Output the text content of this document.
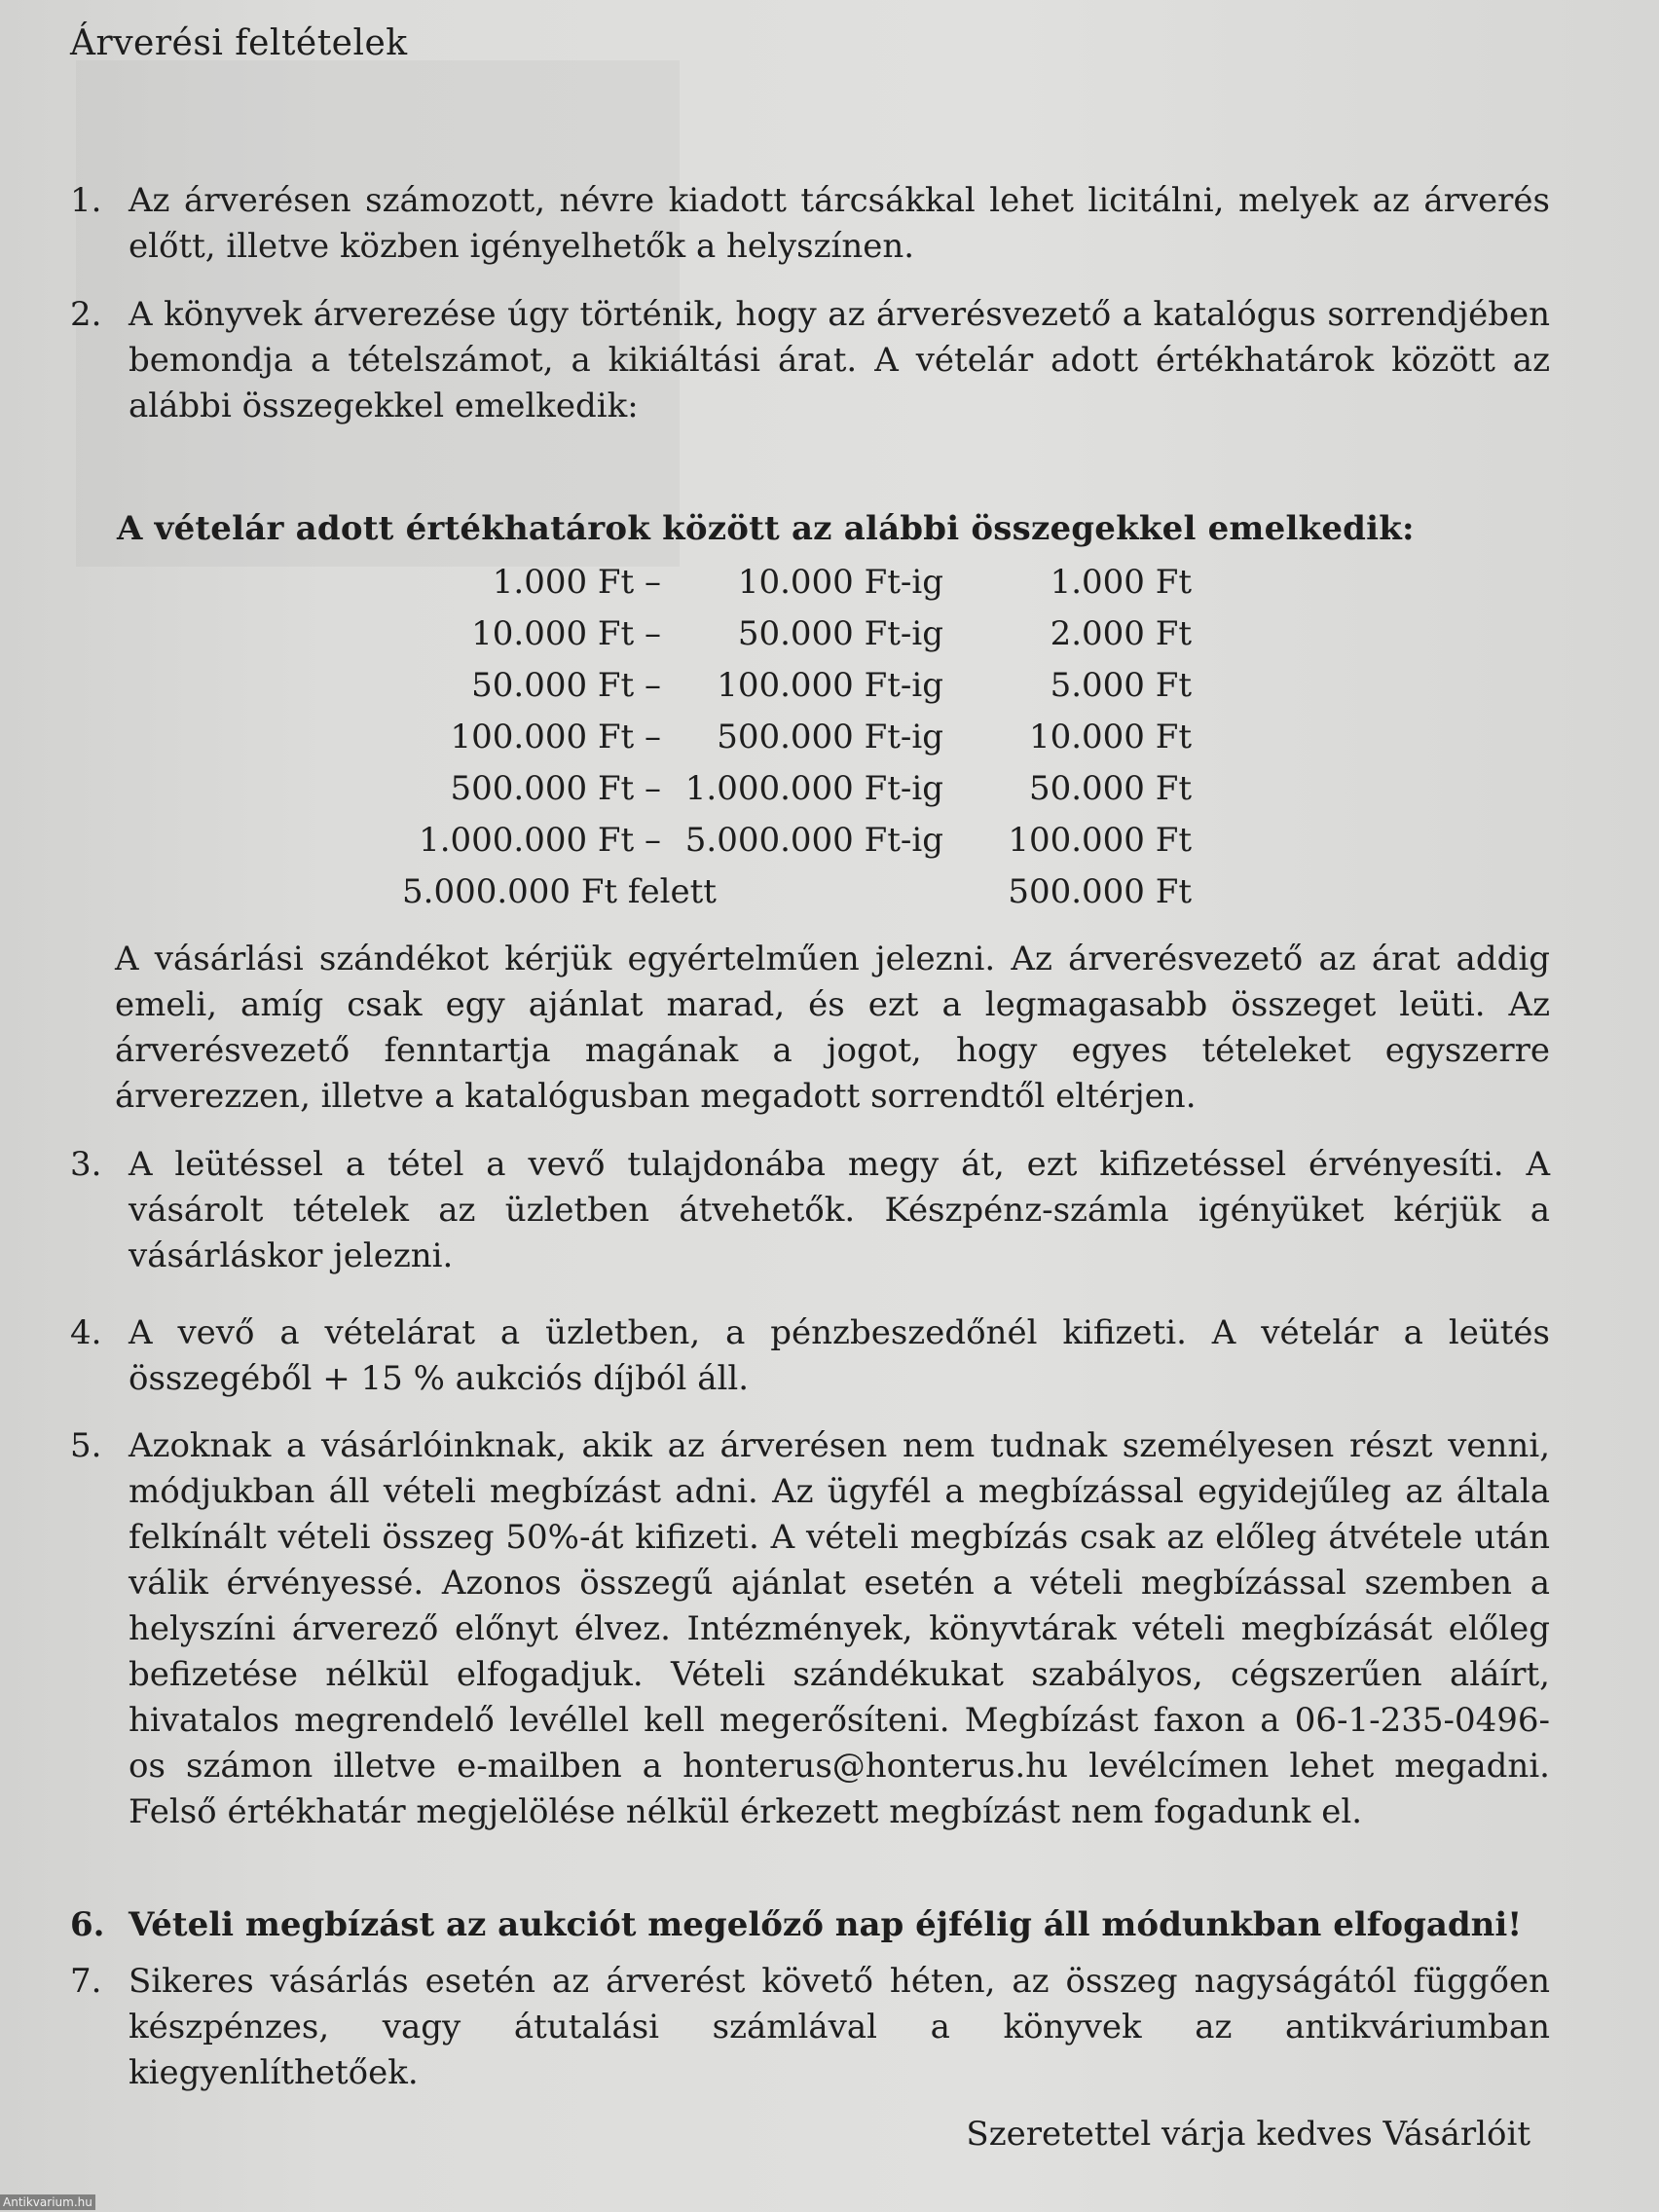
Árverési feltételek
1. Az árverésen számozott, névre kiadott tárcsákkal lehet licitálni, melyek az árverés előtt, illetve közben igényelhetők a helyszínen.
2. A könyvek árverezése úgy történik, hogy az árverésvezető a katalógus sorrendjében bemondja a tételszámot, a kikiáltási árat. A vételár adott értékhatárok között az alábbi összegekkel emelkedik:
A vételár adott értékhatárok között az alábbi összegekkel emelkedik:
1.000 Ft – 10.000 Ft-ig	1.000 Ft
10.000 Ft – 50.000 Ft-ig	2.000 Ft
50.000 Ft – 100.000 Ft-ig	5.000 Ft
100.000 Ft – 500.000 Ft-ig	10.000 Ft
500.000 Ft – 1.000.000 Ft-ig	50.000 Ft
1.000.000 Ft – 5.000.000 Ft-ig 100.000 Ft
5.000.000 Ft felett	500.000 Ft
A vásárlási szándékot kérjük egyértelműen jelezni. Az árverésvezető az árat addig emeli, amíg csak egy ajánlat marad, és ezt a legmagasabb összeget leüti. Az árverésvezető fenntartja magának a jogot, hogy egyes tételeket egyszerre árverezzen, illetve a katalógusban megadott sorrendtől eltérjen.
3. A leütéssel a tétel a vevő tulajdonába megy át, ezt kifizetéssel érvényesíti. A vásárolt tételek az üzletben átvehetők. Készpénz-számla igényüket kérjük a vásárláskor jelezni.
4. A vevő a vételárat a üzletben, a pénzbeszedőnél kifizeti. A vételár a leütés összegéből + 15 % aukciós díjból áll.
5. Azoknak a vásárlóinknak, akik az árverésen nem tudnak személyesen részt venni, módjukban áll vételi megbízást adni. Az ügyfél a megbízással egyidejűleg az általa felkínált vételi összeg 50%-át kifizeti. A vételi megbízás csak az előleg átvétele után válik érvényessé. Azonos összegű ajánlat esetén a vételi megbízással szemben a helyszíni árverező előnyt élvez. Intézmények, könyvtárak vételi megbízását előleg befizetése nélkül elfogadjuk. Vételi szándékukat szabályos, cégszerűen aláírt, hivatalos megrendelő levéllel kell megerősíteni. Megbízást faxon a 06-1-235-0496-os számon illetve e-mailben a honterus@honterus.hu levélcímen lehet megadni. Felső értékhatár megjelölése nélkül érkezett megbízást nem fogadunk el.
6. Vételi megbízást az aukciót megelőző nap éjfélig áll módunkban elfogadni!
7. Sikeres vásárlás esetén az árverést követő héten, az összeg nagyságától függően készpénzes, vagy átutalási számlával a könyvek az antikváriumban kiegyenlíthetőek.
Szeretettel várja kedves Vásárlóit
Antikvarium.hu
